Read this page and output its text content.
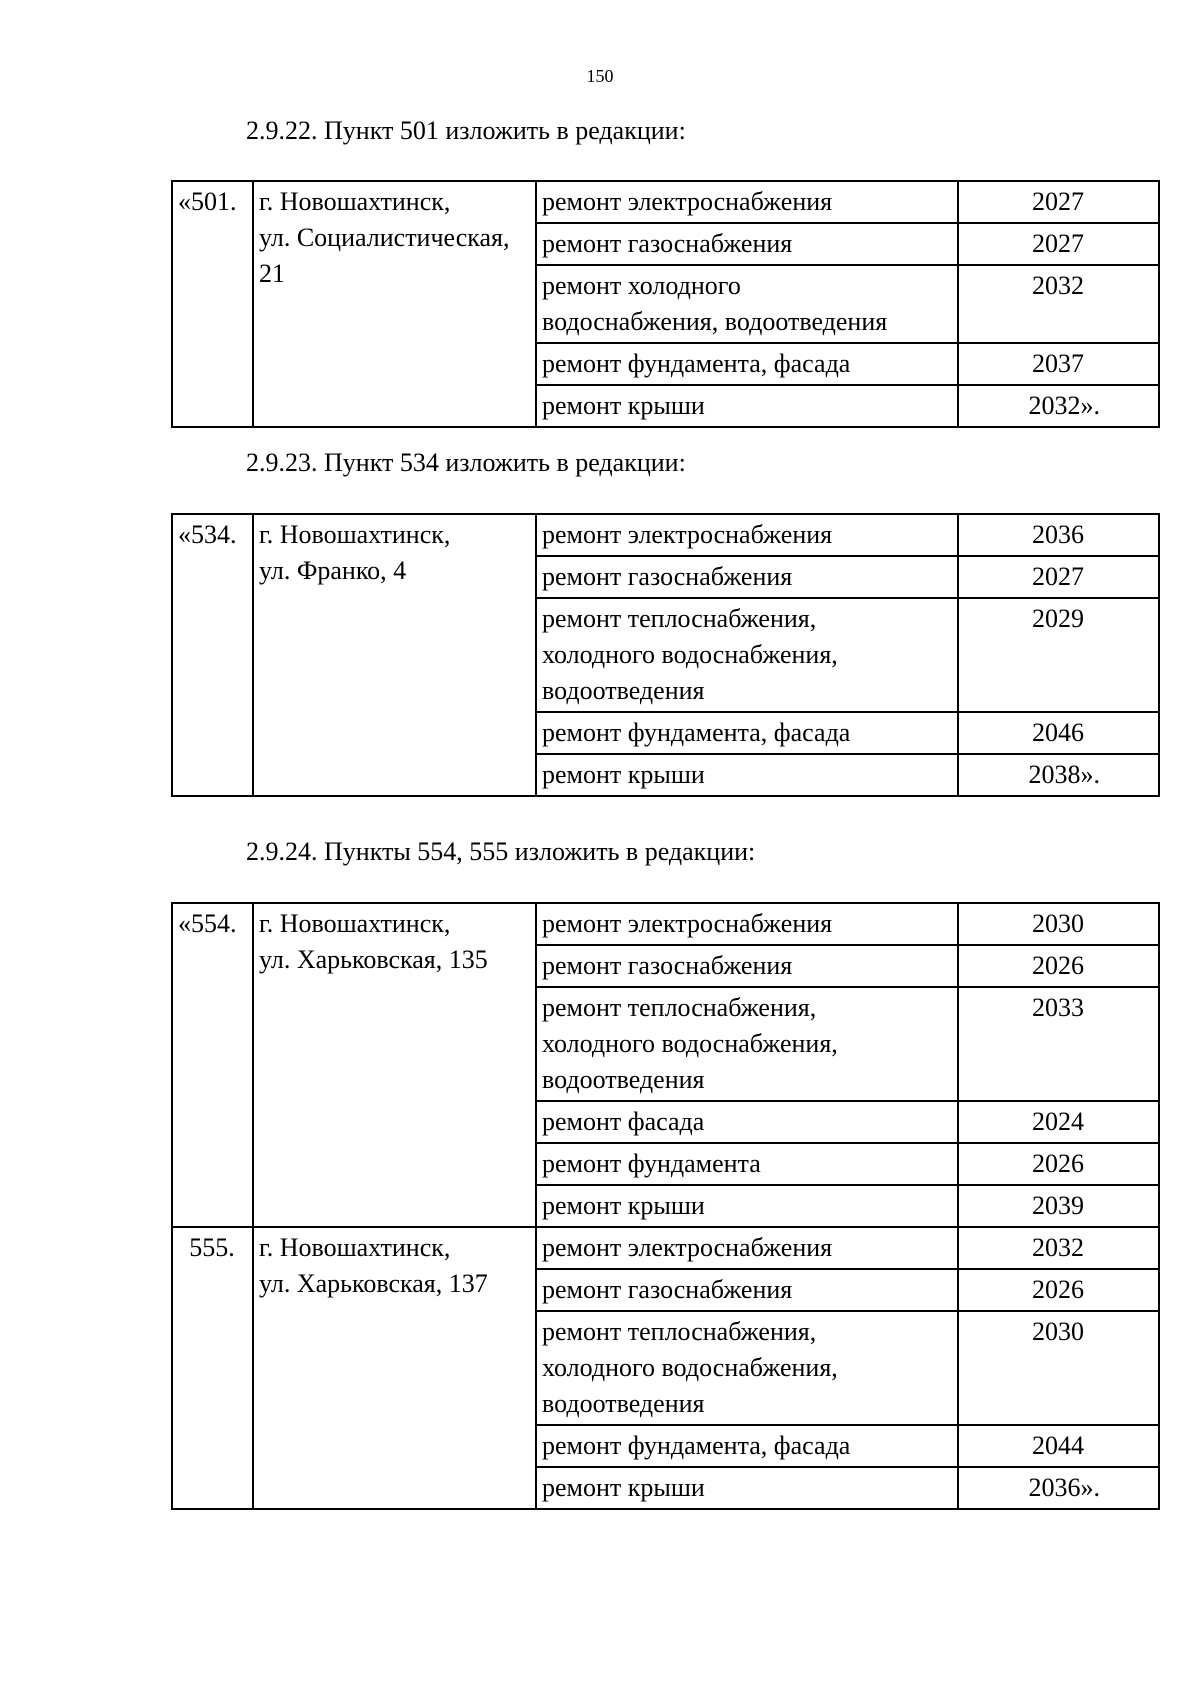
150
2.9.22. Пункт 501 изложить в редакции:
«501.	г. Новошахтинск,
ул. Социалистическая,
21	ремонт электроснабжения	2027
		ремонт газоснабжения	2027
		ремонт холодного
водоснабжения, водоотведения	2032
		ремонт фундамента, фасада	2037
		ремонт крыши	2032».
2.9.23. Пункт 534 изложить в редакции:
«534.	г. Новошахтинск,
ул. Франко, 4	ремонт электроснабжения	2036
		ремонт газоснабжения	2027
		ремонт теплоснабжения,
холодного водоснабжения,
водоотведения	2029
		ремонт фундамента, фасада	2046
		ремонт крыши	2038».
2.9.24. Пункты 554, 555 изложить в редакции:
«554.	г. Новошахтинск,
ул. Харьковская, 135	ремонт электроснабжения	2030
		ремонт газоснабжения	2026
		ремонт теплоснабжения,
холодного водоснабжения,
водоотведения	2033
		ремонт фасада	2024
		ремонт фундамента	2026
		ремонт крыши	2039
555.	г. Новошахтинск,
ул. Харьковская, 137	ремонт электроснабжения	2032
		ремонт газоснабжения	2026
		ремонт теплоснабжения,
холодного водоснабжения,
водоотведения	2030
		ремонт фундамента, фасада	2044
		ремонт крыши	2036».
